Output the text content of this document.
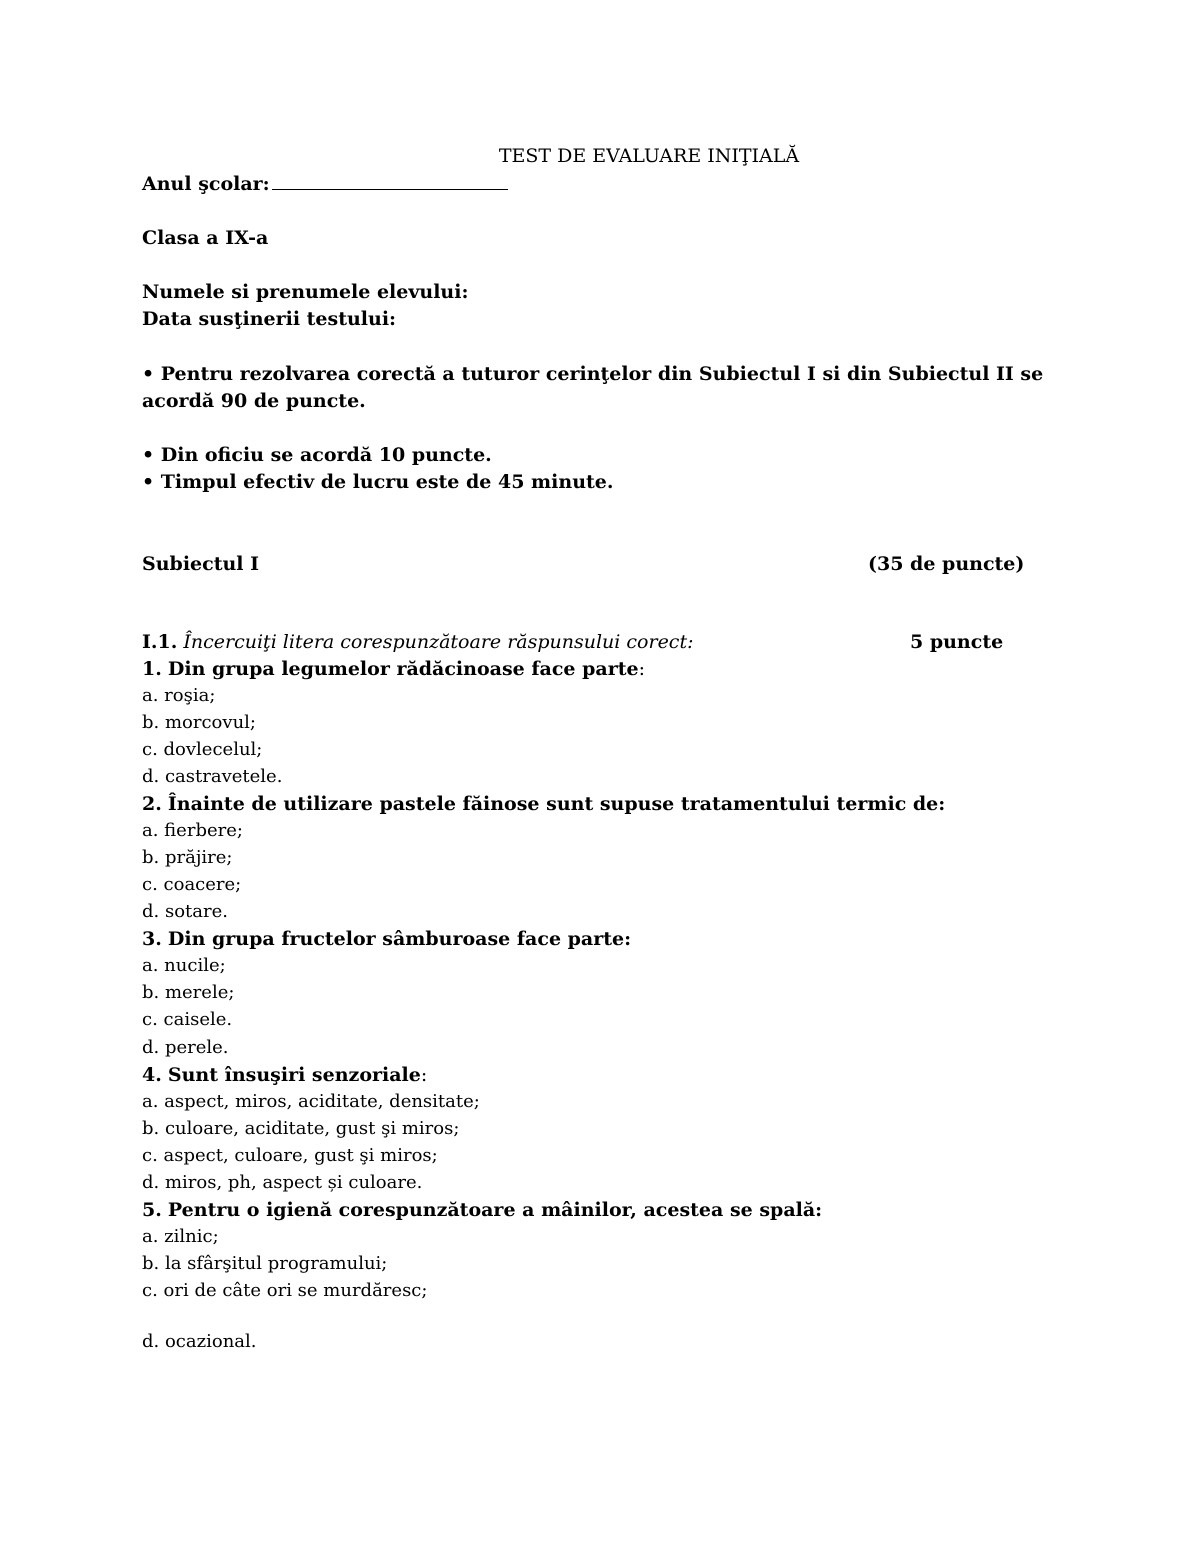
TEST DE EVALUARE INIŢIALĂ
Anul şcolar:
Clasa a IX-a
Numele si prenumele elevului:
Data susţinerii testului:
• Pentru rezolvarea corectă a tuturor cerinţelor din Subiectul I si din Subiectul II se
acordă 90 de puncte.
• Din oficiu se acordă 10 puncte.
• Timpul efectiv de lucru este de 45 minute.
Subiectul I	(35 de puncte)
I.1. Încercuiţi litera corespunzătoare răspunsului corect:	5 puncte
1. Din grupa legumelor rădăcinoase face parte:
a. roşia;
b. morcovul;
c. dovlecelul;
d. castravetele.
2. Înainte de utilizare pastele făinose sunt supuse tratamentului termic de:
a. fierbere;
b. prăjire;
c. coacere;
d. sotare.
3. Din grupa fructelor sâmburoase face parte:
a. nucile;
b. merele;
c. caisele.
d. perele.
4. Sunt însuşiri senzoriale:
a. aspect, miros, aciditate, densitate;
b. culoare, aciditate, gust şi miros;
c. aspect, culoare, gust şi miros;
d. miros, ph, aspect și culoare.
5. Pentru o igienă corespunzătoare a mâinilor, acestea se spală:
a. zilnic;
b. la sfârşitul programului;
c. ori de câte ori se murdăresc;
d. ocazional.
